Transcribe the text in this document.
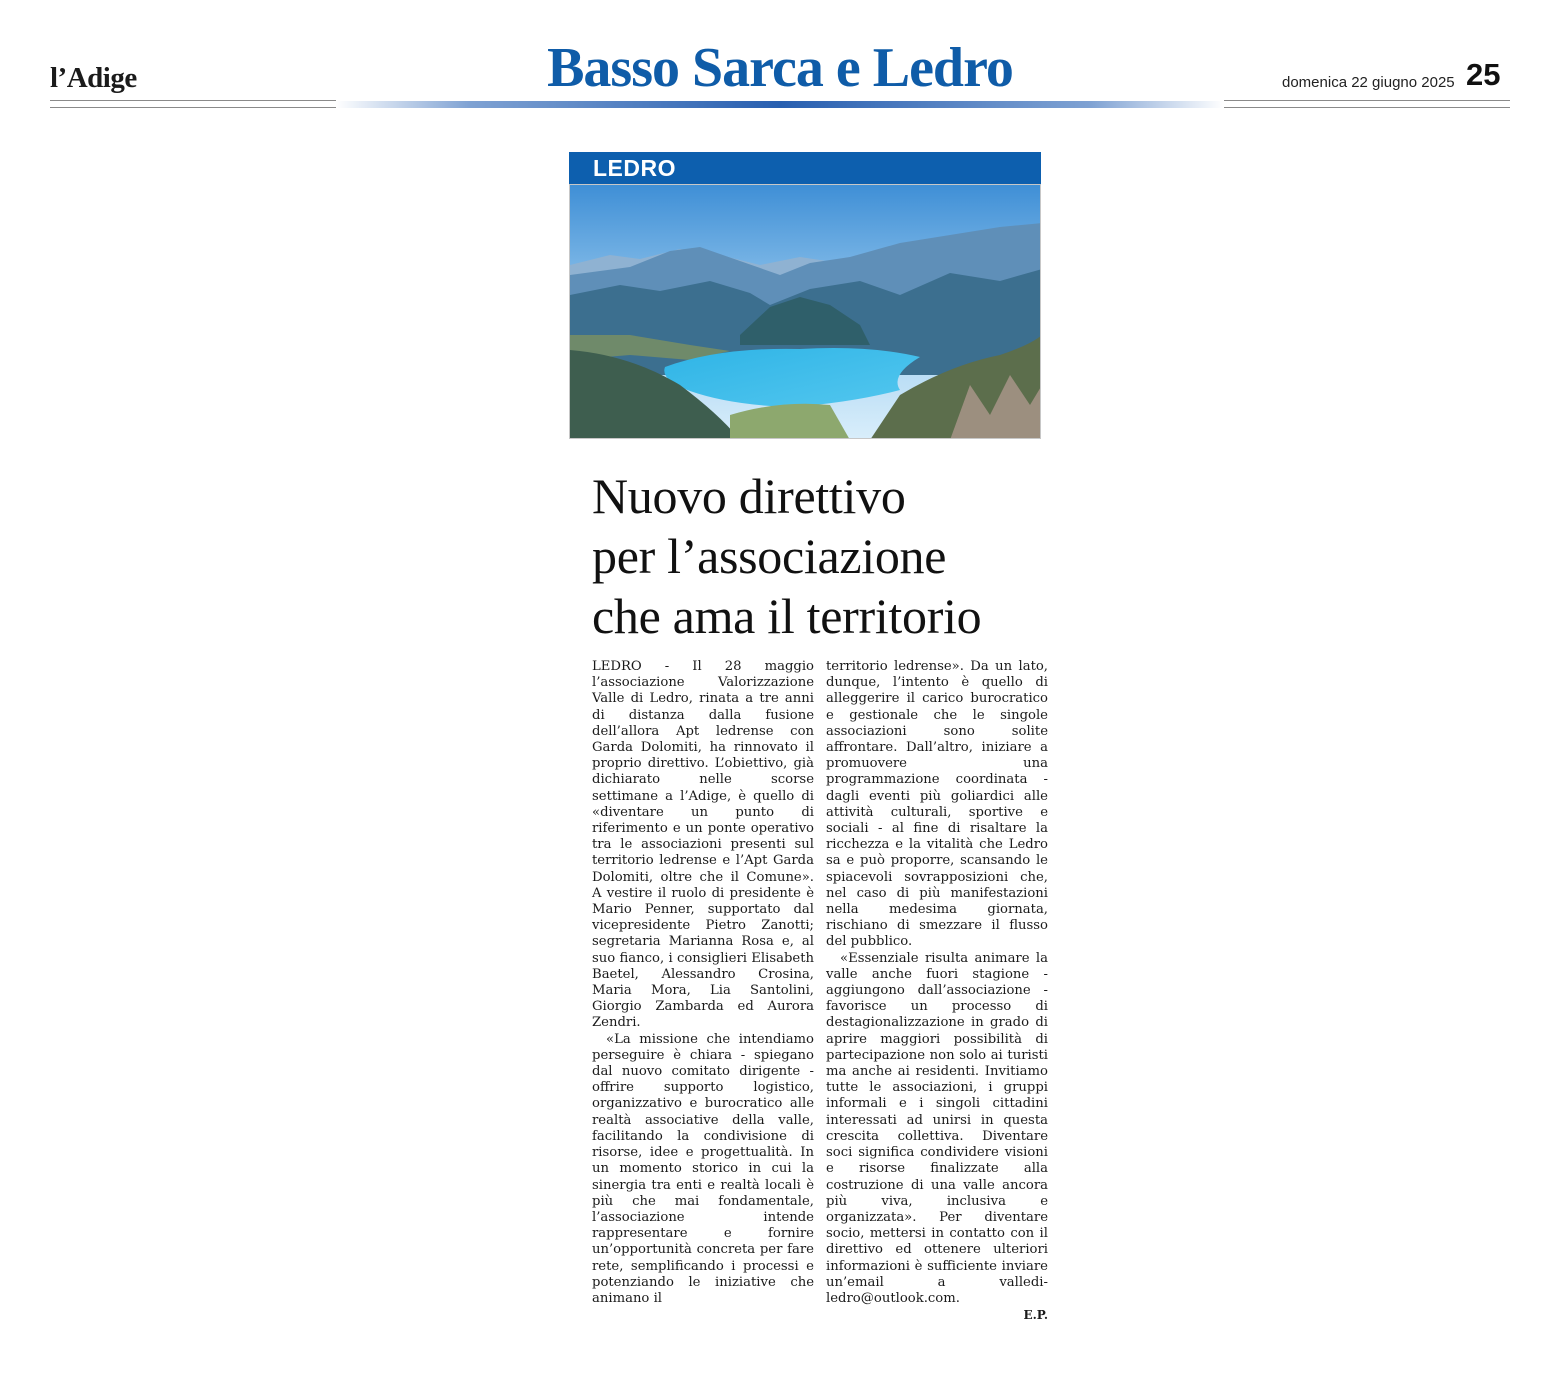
l’Adige	Basso Sarca e Ledro	domenica 22 giugno 2025 25
LEDRO
Nuovo direttivo
per l’associazione
che ama il territorio

LEDRO - Il 28 maggio l’associazione Valorizzazione Valle di Ledro, rinata a tre anni di distanza dalla fusione dell’allora Apt ledrense con Garda Dolomiti, ha rinnovato il proprio direttivo. L’obiettivo, già dichiarato nelle scorse settimane a l’Adige, è quello di «diventare un punto di riferimento e un ponte operativo tra le associazioni presenti sul territorio ledrense e l’Apt Garda Dolomiti, oltre che il Comune». A vestire il ruolo di presidente è Mario Penner, supportato dal vicepresidente Pietro Zanotti; segretaria Marianna Rosa e, al suo fianco, i consiglieri Elisabeth Baetel, Alessandro Crosina, Maria Mora, Lia Santolini, Giorgio Zambarda ed Aurora Zendri.

«La missione che intendiamo perseguire è chiara - spiegano dal nuovo comitato dirigente - offrire supporto logistico, organizzativo e burocratico alle realtà associative della valle, facilitando la condivisione di risorse, idee e progettualità. In un momento storico in cui la sinergia tra enti e realtà locali è più che mai fondamentale, l’associazione intende rappresentare e fornire un’opportunità concreta per fare rete, semplificando i processi e potenziando le iniziative che animano il

territorio ledrense». Da un lato, dunque, l’intento è quello di alleggerire il carico burocratico e gestionale che le singole associazioni sono solite affrontare. Dall’altro, iniziare a promuovere una programmazione coordinata - dagli eventi più goliardici alle attività culturali, sportive e sociali - al fine di risaltare la ricchezza e la vitalità che Ledro sa e può proporre, scansando le spiacevoli sovrapposizioni che, nel caso di più manifestazioni nella medesima giornata, rischiano di smezzare il flusso del pubblico.

«Essenziale risulta animare la valle anche fuori stagione - aggiungono dall’associazione - favorisce un processo di destagionalizzazione in grado di aprire maggiori possibilità di partecipazione non solo ai turisti ma anche ai residenti. Invitiamo tutte le associazioni, i gruppi informali e i singoli cittadini interessati ad unirsi in questa crescita collettiva. Diventare soci significa condividere visioni e risorse finalizzate alla costruzione di una valle ancora più viva, inclusiva e organizzata». Per diventare socio, mettersi in contatto con il direttivo ed ottenere ulteriori informazioni è sufficiente inviare un’email a vallediledro@outlook.com.

E.P.
